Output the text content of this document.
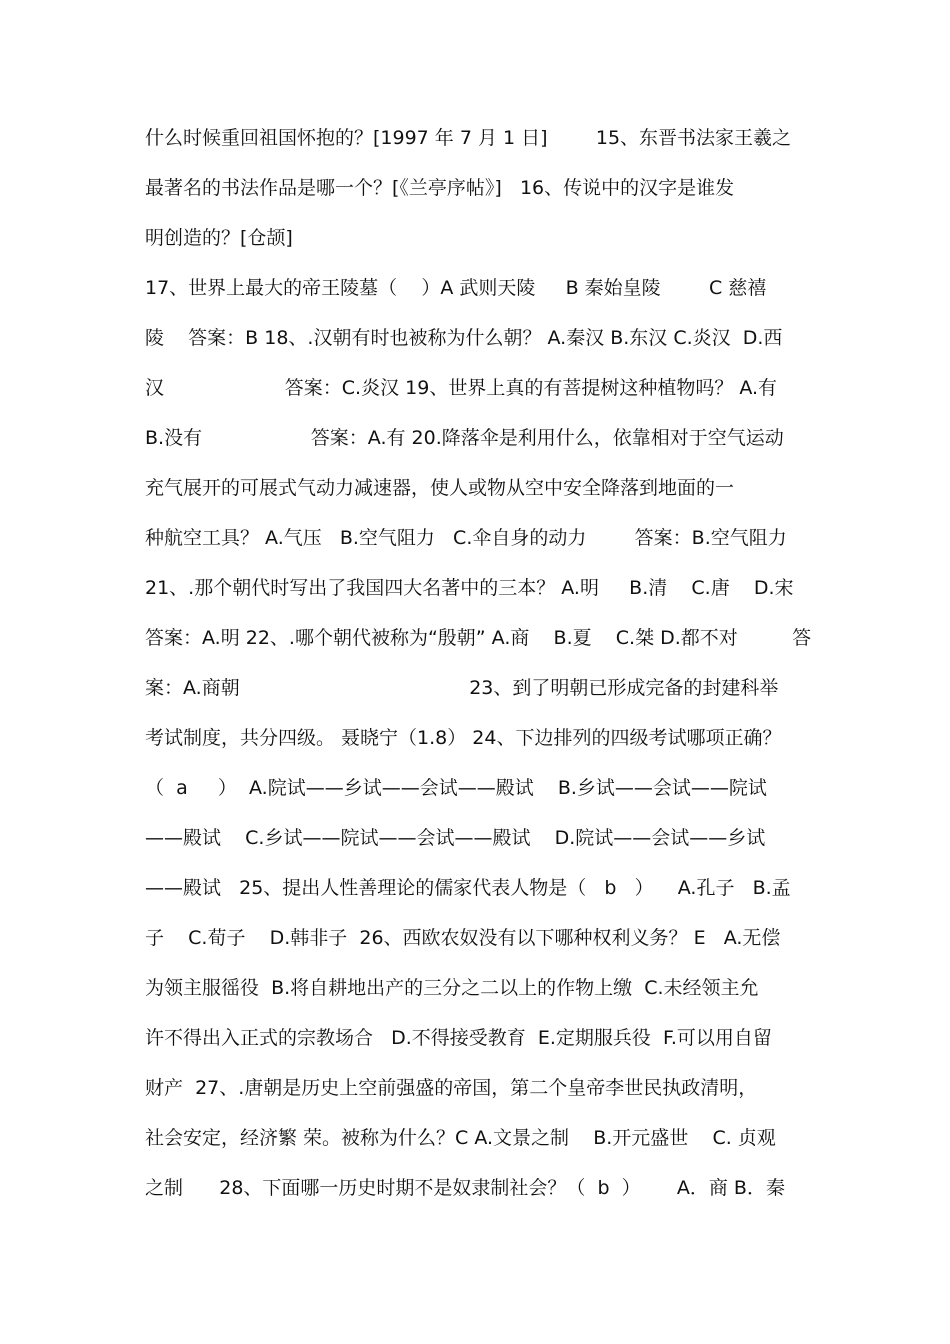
什么时候重回祖国怀抱的？[1997 年 7 月 1 日]        15、东晋书法家王羲之
最著名的书法作品是哪一个？[《兰亭序帖》]   16、传说中的汉字是谁发
明创造的？[仓颉]
17、世界上最大的帝王陵墓（    ）A 武则天陵     B 秦始皇陵        C 慈禧
陵    答案：B 18、.汉朝有时也被称为什么朝？ A.秦汉 B.东汉 C.炎汉  D.西
汉                    答案：C.炎汉 19、世界上真的有菩提树这种植物吗？ A.有
B.没有                  答案：A.有 20.降落伞是利用什么，依靠相对于空气运动
充气展开的可展式气动力减速器，使人或物从空中安全降落到地面的一
种航空工具？ A.气压   B.空气阻力   C.伞自身的动力        答案：B.空气阻力
21、.那个朝代时写出了我国四大名著中的三本？ A.明     B.清    C.唐    D.宋
答案：A.明 22、.哪个朝代被称为“殷朝” A.商    B.夏    C.桀 D.都不对         答
案：A.商朝                                      23、到了明朝已形成完备的封建科举
考试制度，共分四级。 聂晓宁（1.8） 24、下边排列的四级考试哪项正确？
（  a     ）  A.院试——乡试——会试——殿试    B.乡试——会试——院试
——殿试    C.乡试——院试——会试——殿试    D.院试——会试——乡试
——殿试   25、提出人性善理论的儒家代表人物是（   b   ）    A.孔子   B.孟
子    C.荀子    D.韩非子  26、西欧农奴没有以下哪种权利义务？ E   A.无偿
为领主服徭役  B.将自耕地出产的三分之二以上的作物上缴  C.未经领主允
许不得出入正式的宗教场合   D.不得接受教育  E.定期服兵役  F.可以用自留
财产  27、.唐朝是历史上空前强盛的帝国，第二个皇帝李世民执政清明，
社会安定，经济繁 荣。被称为什么？C A.文景之制    B.开元盛世    C. 贞观
之制      28、下面哪一历史时期不是奴隶制社会？（  b  ）      A．商 B．秦
